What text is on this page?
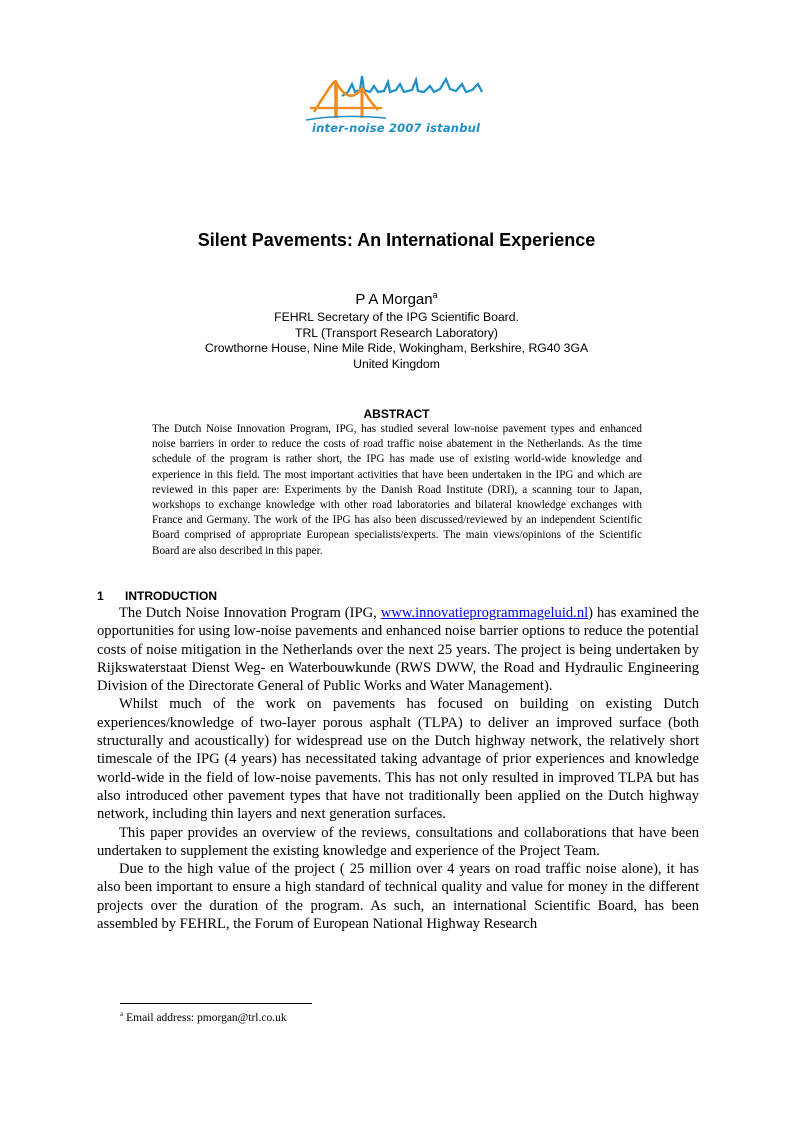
inter-noise 2007 istanbul
Silent Pavements: An International Experience
P A Morgan$^a$
FEHRL Secretary of the IPG Scientific Board.
TRL (Transport Research Laboratory)
Crowthorne House, Nine Mile Ride, Wokingham, Berkshire, RG40 3GA
United Kingdom
ABSTRACT
The Dutch Noise Innovation Program, IPG, has studied several low-noise pavement types and enhanced noise barriers in order to reduce the costs of road traffic noise abatement in the Netherlands. As the time schedule of the program is rather short, the IPG has made use of existing world-wide knowledge and experience in this field. The most important activities that have been undertaken in the IPG and which are reviewed in this paper are: Experiments by the Danish Road Institute (DRI), a scanning tour to Japan, workshops to exchange knowledge with other road laboratories and bilateral knowledge exchanges with France and Germany. The work of the IPG has also been discussed/reviewed by an independent Scientific Board comprised of appropriate European specialists/experts. The main views/opinions of the Scientific Board are also described in this paper.
1 INTRODUCTION

The Dutch Noise Innovation Program (IPG, www.innovatieprogrammageluid.nl) has examined the opportunities for using low-noise pavements and enhanced noise barrier options to reduce the potential costs of noise mitigation in the Netherlands over the next 25 years. The project is being undertaken by Rijkswaterstaat Dienst Weg- en Waterbouwkunde (RWS DWW, the Road and Hydraulic Engineering Division of the Directorate General of Public Works and Water Management).

Whilst much of the work on pavements has focused on building on existing Dutch experiences/knowledge of two-layer porous asphalt (TLPA) to deliver an improved surface (both structurally and acoustically) for widespread use on the Dutch highway network, the relatively short timescale of the IPG (4 years) has necessitated taking advantage of prior experiences and knowledge world-wide in the field of low-noise pavements. This has not only resulted in improved TLPA but has also introduced other pavement types that have not traditionally been applied on the Dutch highway network, including thin layers and next generation surfaces.

This paper provides an overview of the reviews, consultations and collaborations that have been undertaken to supplement the existing knowledge and experience of the Project Team.

Due to the high value of the project ( 25 million over 4 years on road traffic noise alone), it has also been important to ensure a high standard of technical quality and value for money in the different projects over the duration of the program. As such, an international Scientific Board, has been assembled by FEHRL, the Forum of European National Highway Research

$^a$ Email address: pmorgan@trl.co.uk
